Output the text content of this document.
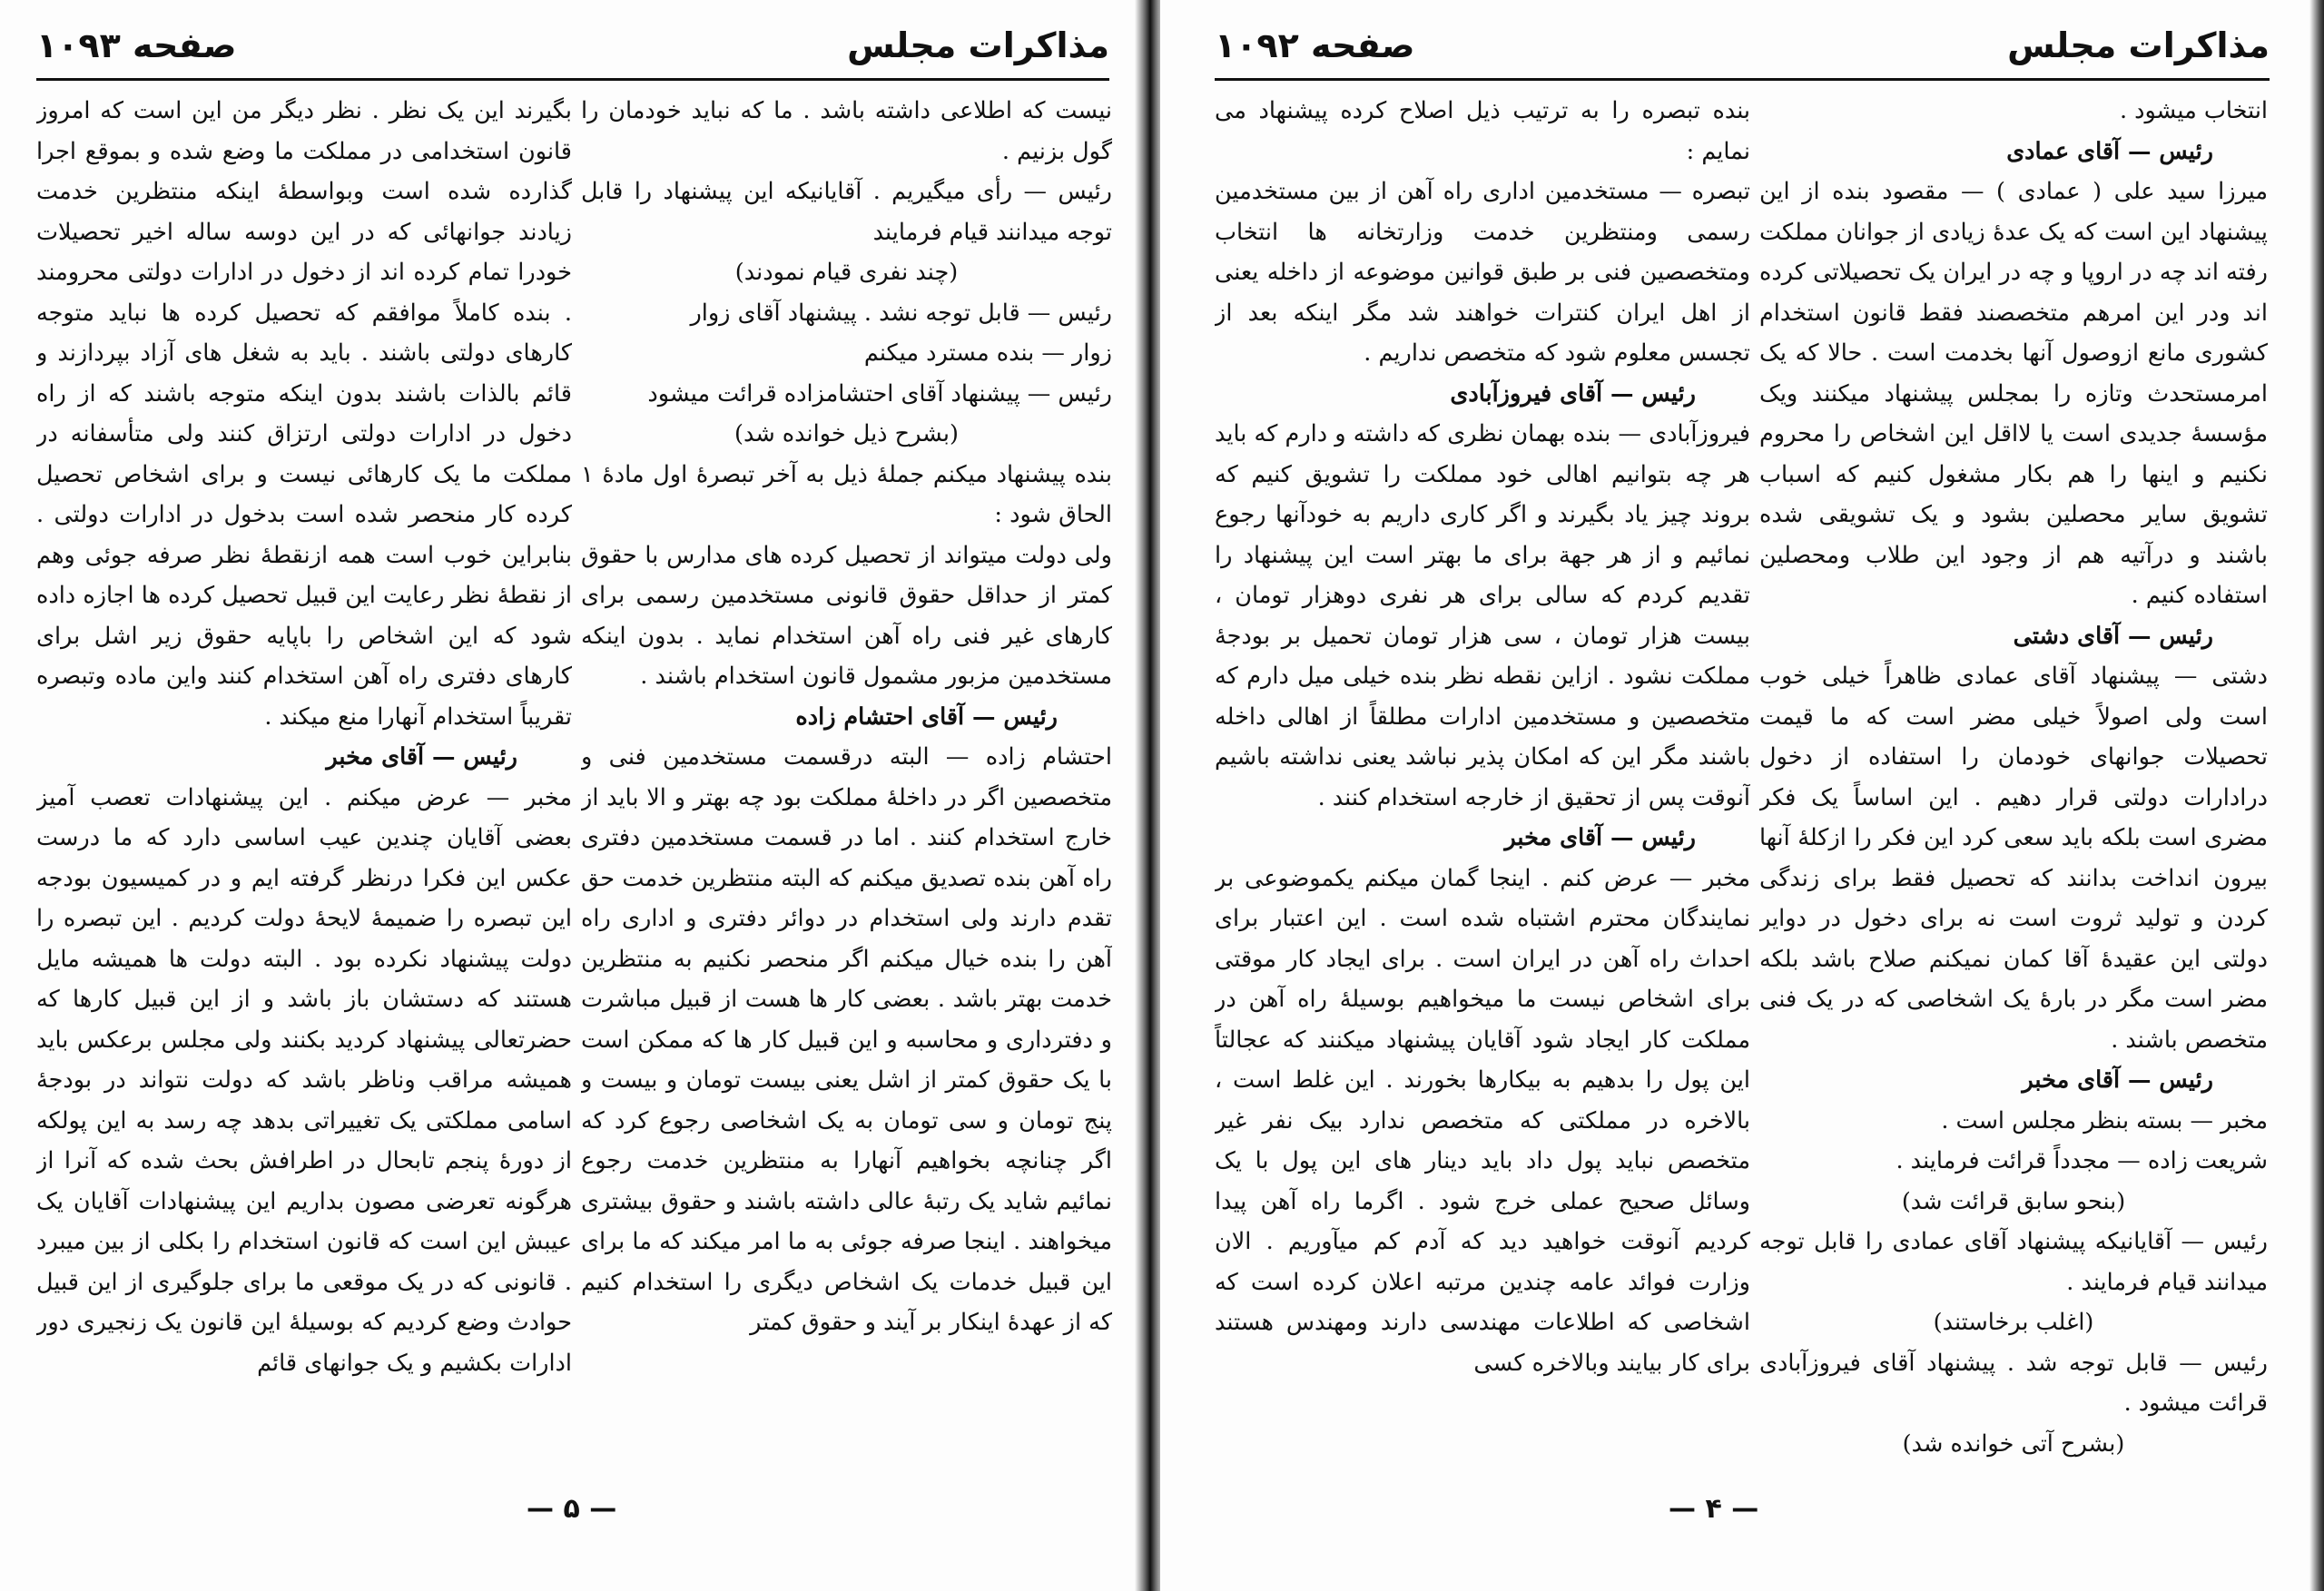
مذاکرات مجلس
صفحه ۱۰۹۳

نیست که اطلاعی داشته باشد . ما که نباید خودمان را گول بزنیم .

رئیس — رأی میگیریم . آقایانیکه این پیشنهاد را قابل توجه میدانند قیام فرمایند

(چند نفری قیام نمودند)

رئیس — قابل توجه نشد . پیشنهاد آقای زوار

زوار — بنده مسترد میکنم

رئیس — پیشنهاد آقای احتشامزاده قرائت میشود

(بشرح ذیل خوانده شد)

بنده پیشنهاد میکنم جملهٔ ذیل به آخر تبصرهٔ اول مادهٔ ۱ الحاق شود :

ولی دولت میتواند از تحصیل کرده های مدارس با حقوق کمتر از حداقل حقوق قانونی مستخدمین رسمی برای کارهای غیر فنی راه آهن استخدام نماید . بدون اینکه مستخدمین مزبور مشمول قانون استخدام باشند .

رئیس — آقای احتشام زاده

احتشام زاده — البته درقسمت مستخدمین فنی و متخصصین اگر در داخلهٔ مملکت بود چه بهتر و الا باید از خارج استخدام کنند . اما در قسمت مستخدمین دفتری راه آهن بنده تصدیق میکنم که البته منتظرین خدمت حق تقدم دارند ولی استخدام در دوائر دفتری و اداری راه آهن را بنده خیال میکنم اگر منحصر نکنیم به منتظرین خدمت بهتر باشد . بعضی کار ها هست از قبیل مباشرت و دفترداری و محاسبه و این قبیل کار ها که ممکن است با یک حقوق کمتر از اشل یعنی بیست تومان و بیست و پنج تومان و سی تومان به یک اشخاصی رجوع کرد که اگر چنانچه بخواهیم آنهارا به منتظرین خدمت رجوع نمائیم شاید یک رتبهٔ عالی داشته باشند و حقوق بیشتری میخواهند . اینجا صرفه جوئی به ما امر میکند که ما برای این قبیل خدمات یک اشخاص دیگری را استخدام کنیم که از عهدهٔ اینکار بر آیند و حقوق کمتر

بگیرند این یک نظر . نظر دیگر من این است که امروز قانون استخدامی در مملکت ما وضع شده و بموقع اجرا گذارده شده است وبواسطهٔ اینکه منتظرین خدمت زیادند جوانهائی که در این دوسه ساله اخیر تحصیلات خودرا تمام کرده اند از دخول در ادارات دولتی محرومند . بنده کاملاً موافقم که تحصیل کرده ها نباید متوجه کارهای دولتی باشند . باید به شغل های آزاد بپردازند و قائم بالذات باشند بدون اینکه متوجه باشند که از راه دخول در ادارات دولتی ارتزاق کنند ولی متأسفانه در مملکت ما یک کارهائی نیست و برای اشخاص تحصیل کرده کار منحصر شده است بدخول در ادارات دولتی . بنابراین خوب است همه ازنقطهٔ نظر صرفه جوئی وهم از نقطهٔ نظر رعایت این قبیل تحصیل کرده ها اجازه داده شود که این اشخاص را باپایه حقوق زیر اشل برای کارهای دفتری راه آهن استخدام کنند واین ماده وتبصره تقریباً استخدام آنهارا منع میکند .

رئیس — آقای مخبر

مخبر — عرض میکنم . این پیشنهادات تعصب آمیز بعضی آقایان چندین عیب اساسی دارد که ما درست عکس این فکرا درنظر گرفته ایم و در کمیسیون بودجه این تبصره را ضمیمهٔ لایحهٔ دولت کردیم . این تبصره را دولت پیشنهاد نکرده بود . البته دولت ها همیشه مایل هستند که دستشان باز باشد و از این قبیل کارها که حضرتعالی پیشنهاد کردید بکنند ولی مجلس برعکس باید همیشه مراقب وناظر باشد که دولت نتواند در بودجهٔ اسامی مملکتی یک تغییراتی بدهد چه رسد به این پولکه از دورهٔ پنجم تابحال در اطرافش بحث شده که آنرا از هرگونه تعرضی مصون بداریم این پیشنهادات آقایان یک عیبش این است که قانون استخدام را بکلی از بین میبرد . قانونی که در یک موقعی ما برای جلوگیری از این قبیل حوادث وضع کردیم که بوسیلهٔ این قانون یک زنجیری دور ادارات بکشیم و یک جوانهای قائم

— ۵ —
مذاکرات مجلس
صفحه ۱۰۹۲

انتخاب میشود .

رئیس — آقای عمادی

میرزا سید علی ( عمادی ) — مقصود بنده از این پیشنهاد این است که یک عدهٔ زیادی از جوانان مملکت رفته اند چه در اروپا و چه در ایران یک تحصیلاتی کرده اند ودر این امرهم متخصصند فقط قانون استخدام کشوری مانع ازوصول آنها بخدمت است . حالا که یک امرمستحدث وتازه را بمجلس پیشنهاد میکنند ویک مؤسسهٔ جدیدی است یا لااقل این اشخاص را محروم نکنیم و اینها را هم بکار مشغول کنیم که اسباب تشویق سایر محصلین بشود و یک تشویقی شده باشند و درآتیه هم از وجود این طلاب ومحصلین استفاده کنیم .

رئیس — آقای دشتی

دشتی — پیشنهاد آقای عمادی ظاهراً خیلی خوب است ولی اصولاً خیلی مضر است که ما قیمت تحصیلات جوانهای خودمان را استفاده از دخول درادارات دولتی قرار دهیم . این اساساً یک فکر مضری است بلکه باید سعی کرد این فکر را ازکلهٔ آنها بیرون انداخت بدانند که تحصیل فقط برای زندگی کردن و تولید ثروت است نه برای دخول در دوایر دولتی این عقیدهٔ آقا کمان نمیکنم صلاح باشد بلکه مضر است مگر در بارهٔ یک اشخاصی که در یک فنی متخصص باشند .

رئیس — آقای مخبر

مخبر — بسته بنظر مجلس است .

شریعت زاده — مجدداً قرائت فرمایند .

(بنحو سابق قرائت شد)

رئیس — آقایانیکه پیشنهاد آقای عمادی را قابل توجه میدانند قیام فرمایند .

(اغلب برخاستند)

رئیس — قابل توجه شد . پیشنهاد آقای فیروزآبادی قرائت میشود .

(بشرح آتی خوانده شد)

بنده تبصره را به ترتیب ذیل اصلاح کرده پیشنهاد می نمایم :

تبصره — مستخدمین اداری راه آهن از بین مستخدمین رسمی ومنتظرین خدمت وزارتخانه ها انتخاب ومتخصصین فنی بر طبق قوانین موضوعه از داخله یعنی از اهل ایران کنترات خواهند شد مگر اینکه بعد از تجسس معلوم شود که متخصص نداریم .

رئیس — آقای فیروزآبادی

فیروزآبادی — بنده بهمان نظری که داشته و دارم که باید هر چه بتوانیم اهالی خود مملکت را تشویق کنیم که بروند چیز یاد بگیرند و اگر کاری داریم به خودآنها رجوع نمائیم و از هر جهة برای ما بهتر است این پیشنهاد را تقدیم کردم که سالی برای هر نفری دوهزار تومان ، بیست هزار تومان ، سی هزار تومان تحمیل بر بودجهٔ مملکت نشود . ازاین نقطه نظر بنده خیلی میل دارم که متخصصین و مستخدمین ادارات مطلقاً از اهالی داخله باشند مگر این که امکان پذیر نباشد یعنی نداشته باشیم آنوقت پس از تحقیق از خارجه استخدام کنند .

رئیس — آقای مخبر

مخبر — عرض کنم . اینجا گمان میکنم یکموضوعی بر نمایندگان محترم اشتباه شده است . این اعتبار برای احداث راه آهن در ایران است . برای ایجاد کار موقتی برای اشخاص نیست ما میخواهیم بوسیلهٔ راه آهن در مملکت کار ایجاد شود آقایان پیشنهاد میکنند که عجالتاً این پول را بدهیم به بیکارها بخورند . این غلط است ، بالاخره در مملکتی که متخصص ندارد بیک نفر غیر متخصص نباید پول داد باید دینار های این پول با یک وسائل صحیح عملی خرج شود . اگرما راه آهن پیدا کردیم آنوقت خواهید دید که آدم کم میآوریم . الان وزارت فوائد عامه چندین مرتبه اعلان کرده است که اشخاصی که اطلاعات مهندسی دارند ومهندس هستند برای کار بیایند وبالاخره کسی

— ۴ —
